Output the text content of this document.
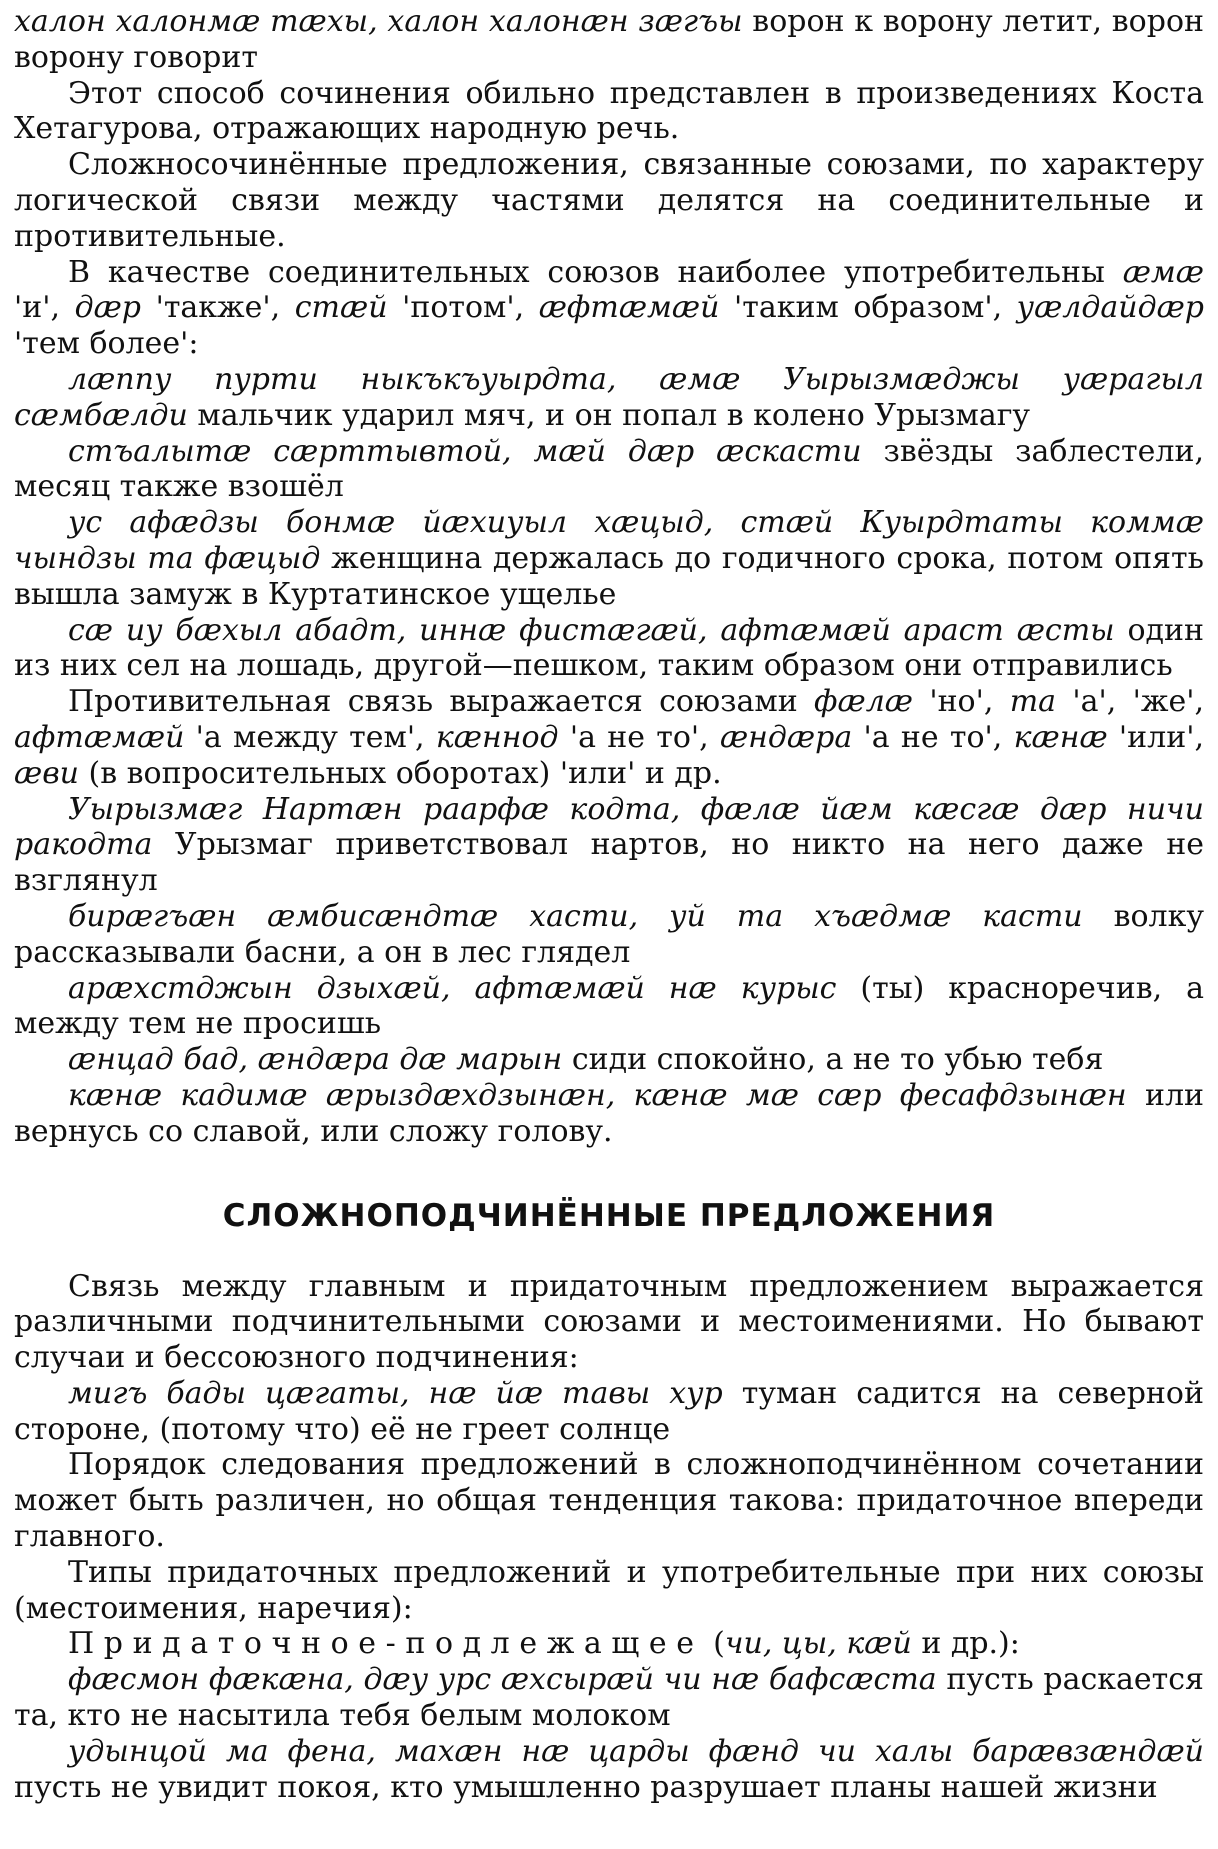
халон халонмæ тæхы, халон халонæн зæгъы ворон к ворону летит, ворон ворону говорит

Этот способ сочинения обильно представлен в произведениях Коста Хетагурова, отражающих народную речь.

Сложносочинённые предложения, связанные союзами, по характеру логической связи между частями делятся на соединительные и противительные.

В качестве соединительных союзов наиболее употребительны æмæ 'и', дæр 'также', стæй 'потом', æфтæмæй 'таким образом', уæлдайдæр 'тем более':

лæппу пурти ныкъкъуырдта, æмæ Уырызмæджы уæрагыл сæмбæлди мальчик ударил мяч, и он попал в колено Урызмагу

стъалытæ сæрттывтой, мæй дæр æскасти звёзды заблестели, месяц также взошёл

ус афæдзы бонмæ йæхиуыл хæцыд, стæй Куырдтаты коммæ чындзы та фæцыд женщина держалась до годичного срока, потом опять вышла замуж в Куртатинское ущелье

сæ иу бæхыл абадт, иннæ фистæгæй, афтæмæй араст æсты один из них сел на лошадь, другой—пешком, таким образом они отправились

Противительная связь выражается союзами фæлæ 'но', та 'а', 'же', афтæмæй 'а между тем', кæннод 'а не то', æндæра 'а не то', кæнæ 'или', æви (в вопросительных оборотах) 'или' и др.

Уырызмæг Нартæн раарфæ кодта, фæлæ йæм кæсгæ дæр ничи ракодта Урызмаг приветствовал нартов, но никто на него даже не взглянул

бирæгъæн æмбисæндтæ хасти, уй та хъæдмæ касти волку рассказывали басни, а он в лес глядел

арæхстджын дзыхæй, афтæмæй нæ курыс (ты) красноречив, а между тем не просишь

æнцад бад, æндæра дæ марын сиди спокойно, а не то убью тебя

кæнæ кадимæ æрыздæхдзынæн, кæнæ мæ сæр фесафдзынæн или вернусь со славой, или сложу голову.

СЛОЖНОПОДЧИНЁННЫЕ ПРЕДЛОЖЕНИЯ

Связь между главным и придаточным предложением выражается различными подчинительными союзами и местоимениями. Но бывают случаи и бессоюзного подчинения:

мигъ бады цæгаты, нæ йæ тавы хур туман садится на северной стороне, (потому что) её не греет солнце

Порядок следования предложений в сложноподчинённом сочетании может быть различен, но общая тенденция такова: придаточное впереди главного.

Типы придаточных предложений и употребительные при них союзы (местоимения, наречия):

Придаточное-подлежащее (чи, цы, кæй и др.):

фæсмон фæкæна, дæу урс æхсырæй чи нæ бафсæста пусть раскается та, кто не насытила тебя белым молоком

удынцой ма фена, махæн нæ царды фæнд чи халы барæвзæндæй пусть не увидит покоя, кто умышленно разрушает планы нашей жизни
